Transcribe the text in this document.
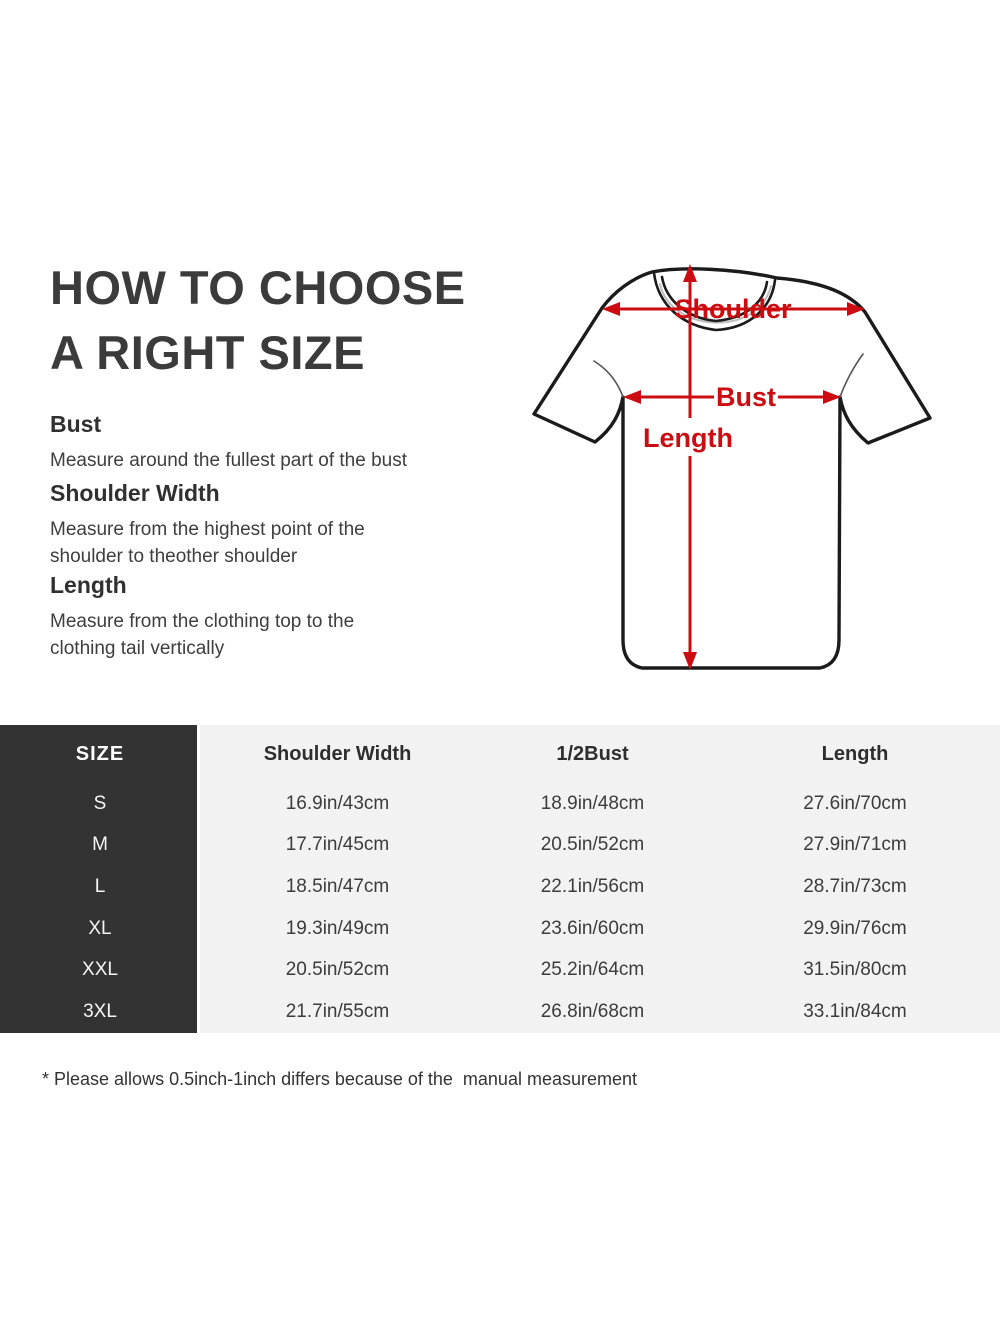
HOW TO CHOOSE
A RIGHT SIZE
Bust

Measure around the fullest part of the bust

Shoulder Width

Measure from the highest point of the

shoulder to theother shoulder

Length

Measure from the clothing top to the

clothing tail vertically

Shoulder
Bust
Length
SIZE	Shoulder Width	1/2Bust	Length
S	16.9in/43cm	18.9in/48cm	27.6in/70cm
M	17.7in/45cm	20.5in/52cm	27.9in/71cm
L	18.5in/47cm	22.1in/56cm	28.7in/73cm
XL	19.3in/49cm	23.6in/60cm	29.9in/76cm
XXL	20.5in/52cm	25.2in/64cm	31.5in/80cm
3XL	21.7in/55cm	26.8in/68cm	33.1in/84cm
* Please allows 0.5inch-1inch differs because of the  manual measurement
